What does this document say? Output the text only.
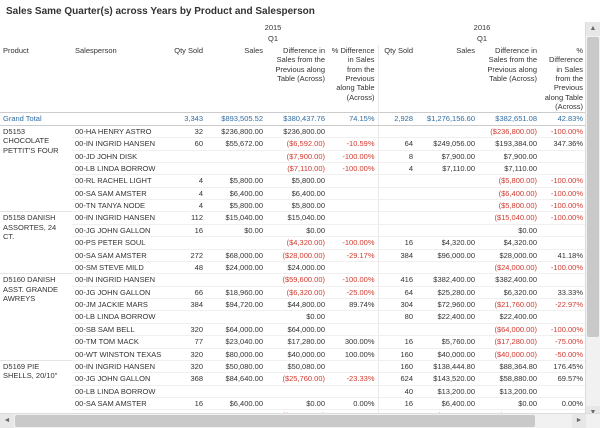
Sales Same Quarter(s) across Years by Product and Salesperson
		2015				2016			
		Q1				Q1			
Product	Salesperson	Qty Sold	Sales	Difference in Sales from the Previous along Table (Across)	% Difference in Sales from the Previous along Table (Across)	Qty Sold	Sales	Difference in Sales from the Previous along Table (Across)	% Difference in Sales from the Previous along Table (Across)
Grand Total		3,343	$893,505.52	$380,437.76	74.15%	2,928	$1,276,156.60	$382,651.08	42.83%
D5153 CHOCOLATE PETTIT'S FOUR	00-HA HENRY ASTRO	32	$236,800.00	$236,800.00				($236,800.00)	-100.00%
	00-IN INGRID HANSEN	60	$55,672.00	($6,592.00)	-10.59%	64	$249,056.00	$193,384.00	347.36%
	00-JD JOHN DISK			($7,900.00)	-100.00%	8	$7,900.00	$7,900.00	
	00-LB LINDA BORROW			($7,110.00)	-100.00%	4	$7,110.00	$7,110.00	
	00-RL RACHEL LIGHT	4	$5,800.00	$5,800.00				($5,800.00)	-100.00%
	00-SA SAM AMSTER	4	$6,400.00	$6,400.00				($6,400.00)	-100.00%
	00-TN TANYA NODE	4	$5,800.00	$5,800.00				($5,800.00)	-100.00%
D5158 DANISH ASSORTES, 24 CT.	00-IN INGRID HANSEN	112	$15,040.00	$15,040.00				($15,040.00)	-100.00%
	00-JG JOHN GALLON	16	$0.00	$0.00				$0.00	
	00-PS PETER SOUL			($4,320.00)	-100.00%	16	$4,320.00	$4,320.00	
	00-SA SAM AMSTER	272	$68,000.00	($28,000.00)	-29.17%	384	$96,000.00	$28,000.00	41.18%
	00-SM STEVE MILD	48	$24,000.00	$24,000.00				($24,000.00)	-100.00%
D5160 DANISH ASST. GRANDE AWREYS	00-IN INGRID HANSEN			($59,600.00)	-100.00%	416	$382,400.00	$382,400.00	
	00-JG JOHN GALLON	66	$18,960.00	($6,320.00)	-25.00%	64	$25,280.00	$6,320.00	33.33%
	00-JM JACKIE MARS	384	$94,720.00	$44,800.00	89.74%	304	$72,960.00	($21,760.00)	-22.97%
	00-LB LINDA BORROW			$0.00		80	$22,400.00	$22,400.00	
	00-SB SAM BELL	320	$64,000.00	$64,000.00				($64,000.00)	-100.00%
	00-TM TOM MACK	77	$23,040.00	$17,280.00	300.00%	16	$5,760.00	($17,280.00)	-75.00%
	00-WT WINSTON TEXAS	320	$80,000.00	$40,000.00	100.00%	160	$40,000.00	($40,000.00)	-50.00%
D5169 PIE SHELLS, 20/10"	00-IN INGRID HANSEN	320	$50,080.00	$50,080.00		160	$138,444.80	$88,364.80	176.45%
	00-JG JOHN GALLON	368	$84,640.00	($25,760.00)	-23.33%	624	$143,520.00	$58,880.00	69.57%
	00-LB LINDA BORROW					40	$13,200.00	$13,200.00	
	00-SA SAM AMSTER	16	$6,400.00	$0.00	0.00%	16	$6,400.00	$0.00	0.00%

▲
◄	►
